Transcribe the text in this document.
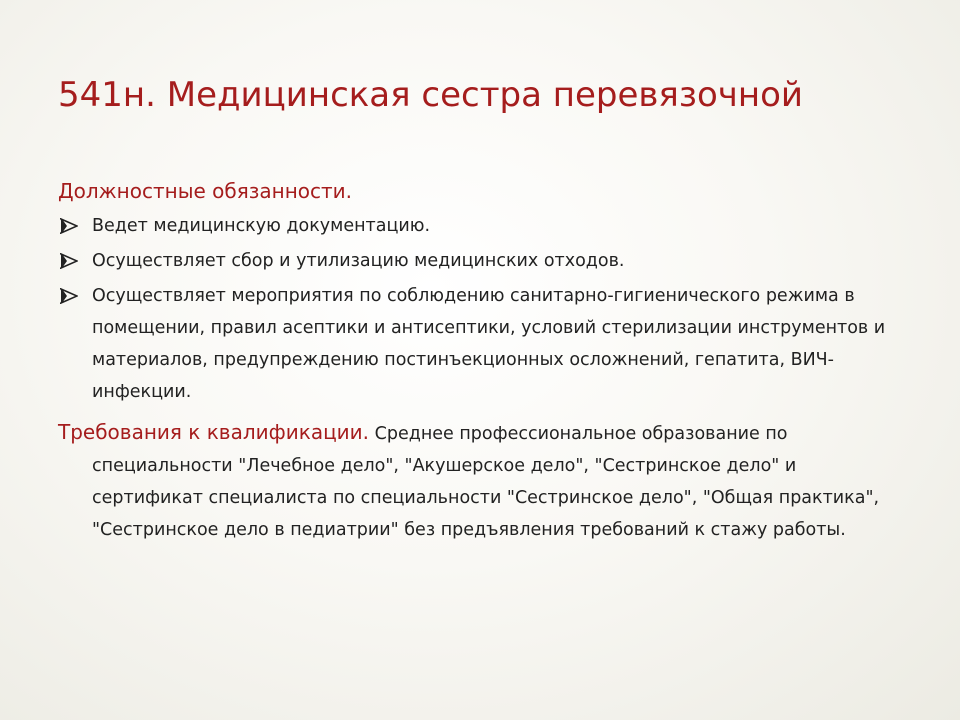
541н. Медицинская сестра перевязочной

Должностные обязанности.

Ведет медицинскую документацию.
Осуществляет сбор и утилизацию медицинских отходов.
Осуществляет мероприятия по соблюдению санитарно-гигиенического режима в помещении, правил асептики и антисептики, условий стерилизации инструментов и материалов, предупреждению постинъекционных осложнений, гепатита, ВИЧ-инфекции.

Требования к квалификации. Среднее профессиональное образование по специальности "Лечебное дело", "Акушерское дело", "Сестринское дело" и сертификат специалиста по специальности "Сестринское дело", "Общая практика", "Сестринское дело в педиатрии" без предъявления требований к стажу работы.
